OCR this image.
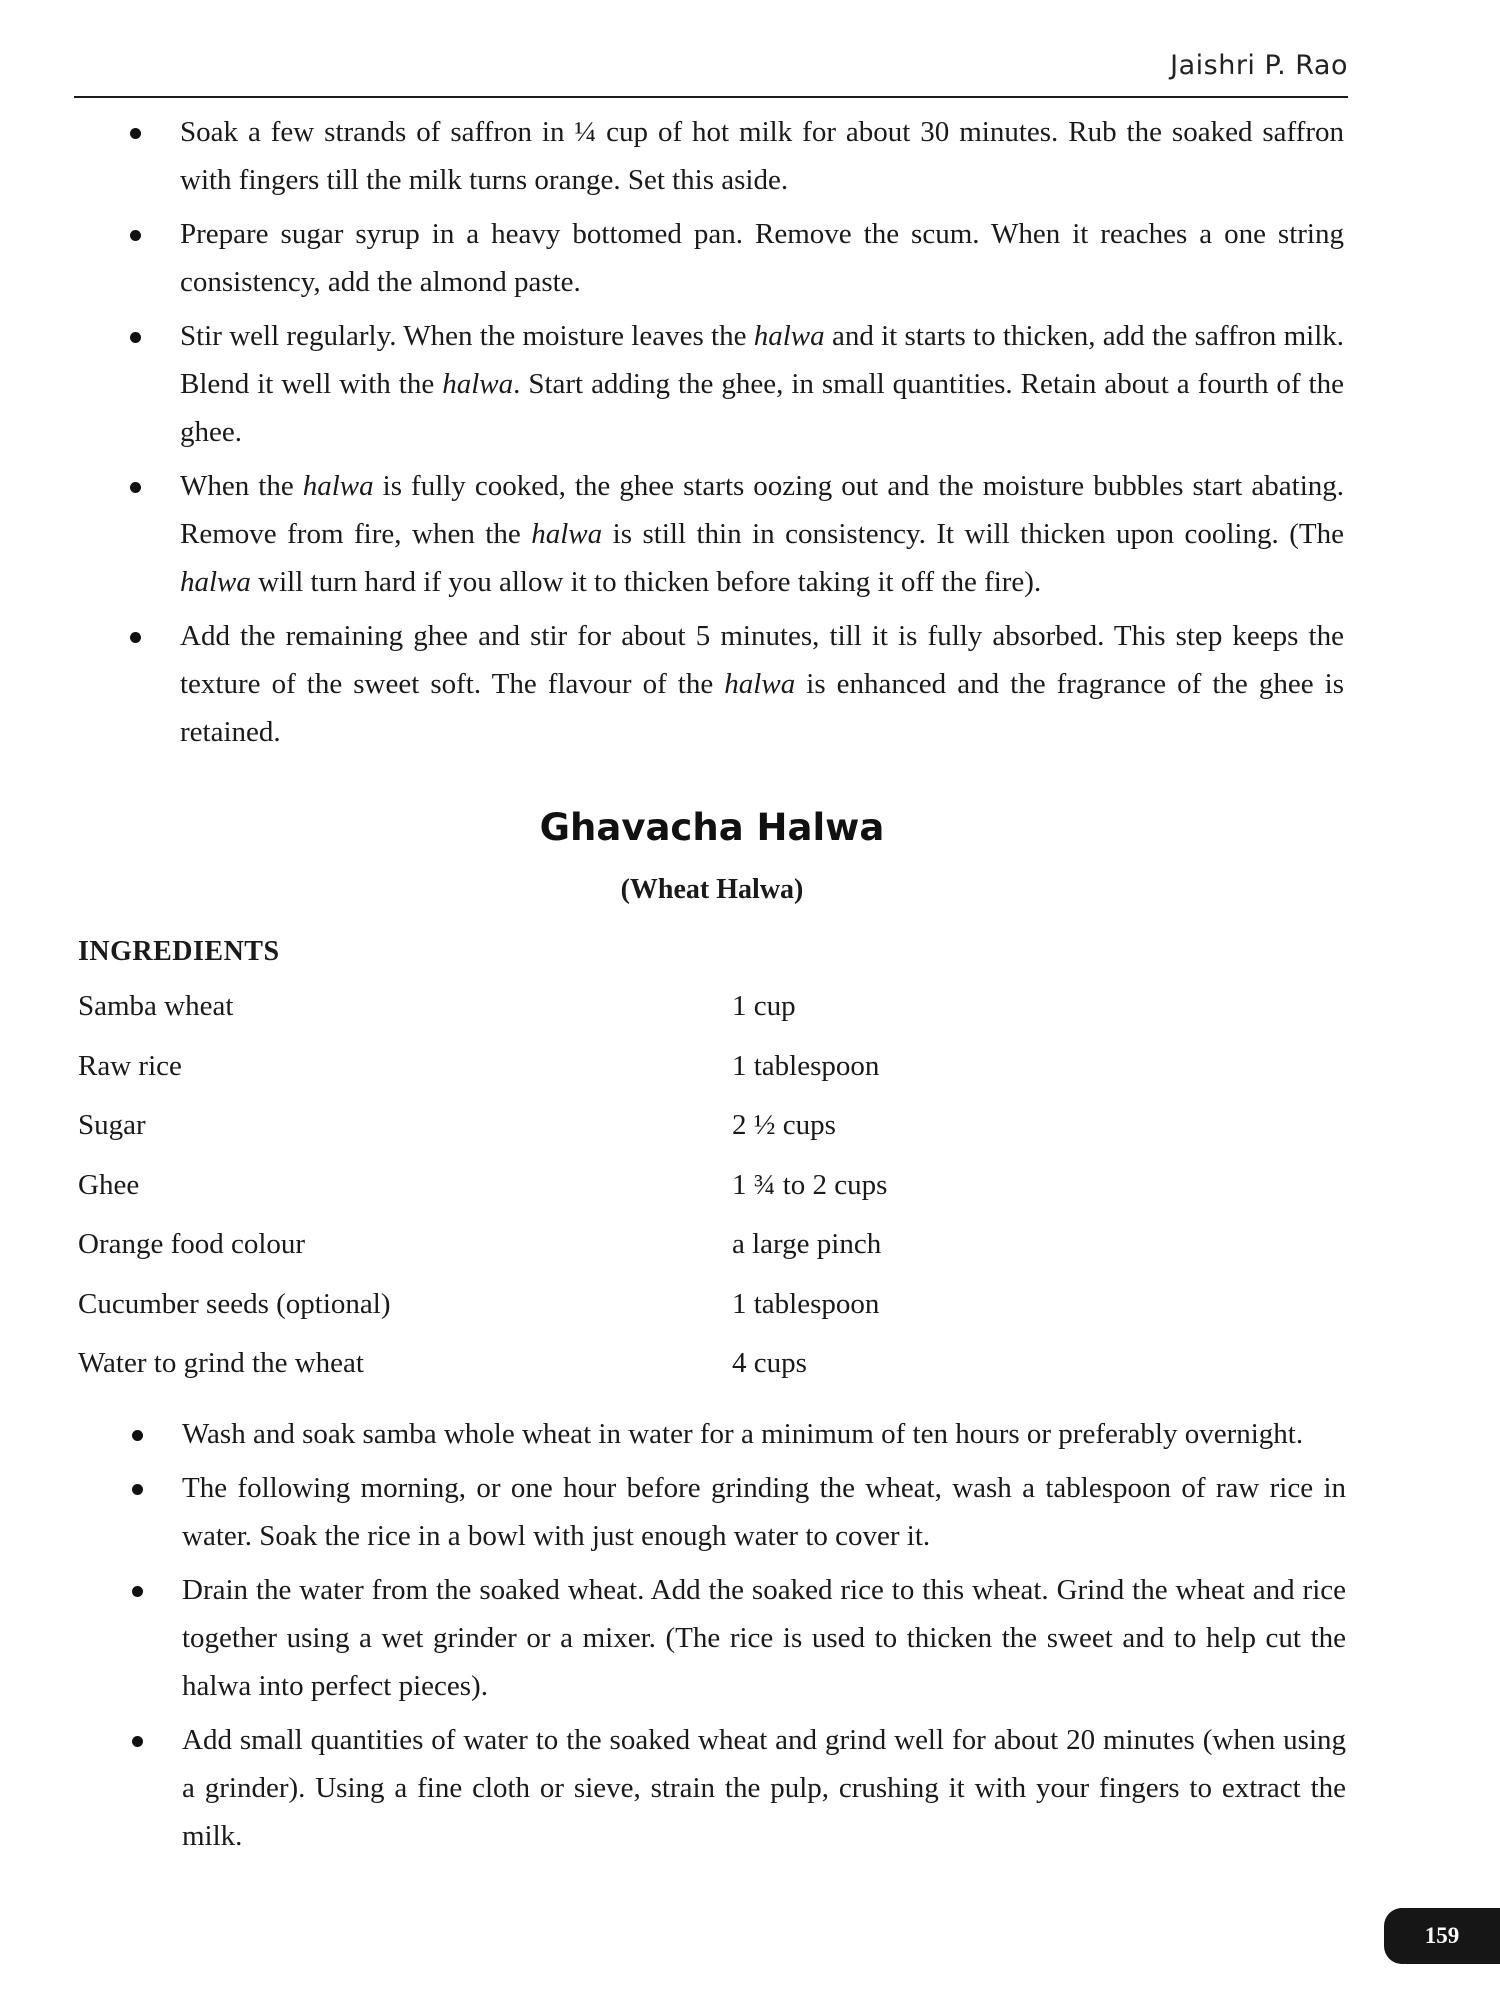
Jaishri P. Rao
Soak a few strands of saffron in ¼ cup of hot milk for about 30 minutes. Rub the soaked saffron with fingers till the milk turns orange. Set this aside.
Prepare sugar syrup in a heavy bottomed pan. Remove the scum. When it reaches a one string consistency, add the almond paste.
Stir well regularly. When the moisture leaves the halwa and it starts to thicken, add the saffron milk. Blend it well with the halwa. Start adding the ghee, in small quantities. Retain about a fourth of the ghee.
When the halwa is fully cooked, the ghee starts oozing out and the moisture bubbles start abating. Remove from fire, when the halwa is still thin in consistency. It will thicken upon cooling. (The halwa will turn hard if you allow it to thicken before taking it off the fire).
Add the remaining ghee and stir for about 5 minutes, till it is fully absorbed. This step keeps the texture of the sweet soft. The flavour of the halwa is enhanced and the fragrance of the ghee is retained.
Ghavacha Halwa
(Wheat Halwa)
INGREDIENTS
Samba wheat	1 cup
Raw rice	1 tablespoon
Sugar	2 ½ cups
Ghee	1 ¾ to 2 cups
Orange food colour	a large pinch
Cucumber seeds (optional)	1 tablespoon
Water to grind the wheat	4 cups
Wash and soak samba whole wheat in water for a minimum of ten hours or preferably overnight.
The following morning, or one hour before grinding the wheat, wash a tablespoon of raw rice in water. Soak the rice in a bowl with just enough water to cover it.
Drain the water from the soaked wheat. Add the soaked rice to this wheat. Grind the wheat and rice together using a wet grinder or a mixer. (The rice is used to thicken the sweet and to help cut the halwa into perfect pieces).
Add small quantities of water to the soaked wheat and grind well for about 20 minutes (when using a grinder). Using a fine cloth or sieve, strain the pulp, crushing it with your fingers to extract the milk.
159
